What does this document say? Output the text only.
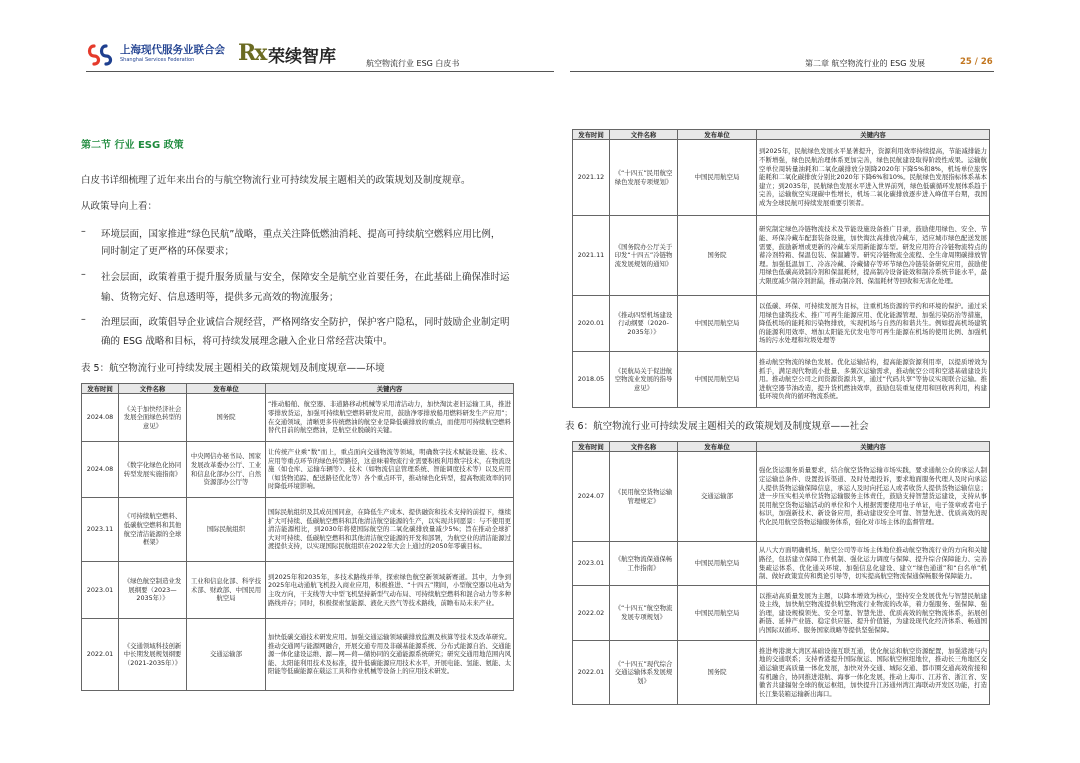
上海现代服务业联合会
Shanghai Services Federation Rx 荣续智库	航空物流行业 ESG 白皮书	第二章 航空物流行业的 ESG 发展	25 / 26
第二节 行业 ESG 政策
白皮书详细梳理了近年来出台的与航空物流行业可持续发展主题相关的政策规划及制度规章。
从政策导向上看：
– 环境层面，国家推进“绿色民航”战略，重点关注降低燃油消耗、提高可持续航空燃料应用比例，
同时制定了更严格的环保要求；
– 社会层面，政策着重于提升服务质量与安全，保障安全是航空业首要任务，在此基础上确保准时运
输、货物完好、信息透明等，提供多元高效的物流服务；
– 治理层面，政策倡导企业诚信合规经营，严格网络安全防护，保护客户隐私，同时鼓励企业制定明
确的 ESG 战略和目标，将可持续发展理念融入企业日常经营决策中。
表 5：航空物流行业可持续发展主题相关的政策规划及制度规章——环境
发布时间	文件名称	发布单位	关键内容
2024.08	《关于加快经济社会发展全面绿色转型的意见》	国务院	“推动船舶、航空器、非道路移动机械等采用清洁动力，加快淘汰老旧运输工具，推进零排放货运，加强可持续航空燃料研发应用，鼓励净零排放船用燃料研发生产应用”；在交通领域，清晰更多传统燃油的航空业是降低碳排放的重点，而使用可持续航空燃料替代目前的航空燃油，是航空业脱碳的关键。
2024.08	《数字化绿色化协同转型发展实施指南》	中央网信办秘书局、国家发展改革委办公厅、工业和信息化部办公厅、自然资源部办公厅等	让传统产业乘“数”而上，重点面向交通物流等领域，明确数字技术赋能设施、技术、应用等重点环节的绿色转型路径，这意味着物流行业需要积极利用数字技术，在物流设施（如仓库、运输车辆等）、技术（如物流信息管理系统、智能调度技术等）以及应用（如货物追踪、配送路径优化等）各个重点环节，推动绿色化转型，提高物流效率的同时降低环境影响。
2023.11	《可持续航空燃料、低碳航空燃料和其他航空清洁能源的全球框架》	国际民航组织	国际民航组织及其成员国同意，在降低生产成本、提供融资和技术支持的前提下，继续扩大可持续、低碳航空燃料和其他清洁航空能源的生产，以实现共同愿景：与不使用更清洁能源相比，到2030年将使国际航空的二氧化碳排放量减少5%；旨在推动全球扩大对可持续、低碳航空燃料和其他清洁航空能源的开发和部署，为航空业的清洁能源过渡提供支持，以实现国际民航组织在2022年大会上通过的2050年零碳目标。
2023.01	《绿色航空制造业发展纲要（2023—2035年）》	工业和信息化部、科学技术部、财政部、中国民用航空局	到2025年和2035年，多技术路线并举，探索绿色航空新领域新赛道。其中，力争到2025年电动通航飞机投入商业应用，积极推进、“十四五”期间，小型航空器以电动为主攻方向，干支线等大中型飞机坚持新型气动布局、可持续航空燃料和混合动力等多种路线并存；同时，积极探索氢能源、液化天然气等技术路线，前瞻布局未来产业。
2022.01	《交通领域科技创新中长期发展规划纲要（2021-2035年）》	交通运输部	加快低碳交通技术研发应用。加强交通运输领域碳排放监测及核算等技术及改革研究。推动交通网与能源网融合，开展交通专用及非碳基能源系统、分布式能源自治、交通能源一体化建设运维、源—网—荷—储协同的交通能源系统研究；研究交通用地范围内风能、太阳能利用技术及标准，提升低碳能源应用技术水平，开展电能、氢能、氨能、太阳能等低碳能源在载运工具和作业机械等设备上的应用技术研发。
发布时间	文件名称	发布单位	关键内容
2021.12	《“十四五”民用航空绿色发展专项规划》	中国民用航空局	到2025年，民航绿色发展水平显著提升，资源利用效率持续提高，节能减排能力不断增强，绿色民航治理体系更加完善，绿色民航建设取得阶段性成果。运输航空单位周转量油耗和二氧化碳排放分别降2020年下降5%和8%，机场单位旅客能耗和二氧化碳排放分别比2020年下降6%和10%。民航绿色发展指标体系基本建立；到2035年，民航绿色发展水平进入世界前列，绿色低碳循环发展体系趋于完善，运输航空实现碳中性增长，机场二氧化碳排放逐步进入峰值平台期，我国成为全球民航可持续发展重要引领者。
2021.11	《国务院办公厅关于印发“十四五”冷链物流发展规划的通知》	国务院	研究制定绿色冷链物流技术及节能设施设备推广目录，鼓励使用绿色、安全、节能、环保冷藏车配套装备设施，加快淘汰高排放冷藏车，适应城市绿色配送发展需要，鼓励新增或更新的冷藏车采用新能源车型。研发应用符合冷链物流特点的蓄冷剂特箱、保温包装、保温罐等。研究冷链物流全流程、全生命周期碳排放管理。加强低温加工、冷冻冷藏、冷藏储存等环节绿色冷链装备研究应用，鼓励使用绿色低碳高效制冷剂和保温耗材，提高制冷设备能效和制冷系统节能水平，最大限度减少制冷剂泄漏，推动制冷剂、保温耗材等回收和无害化处理。
2020.01	《推动四型机场建设行动纲要（2020-2035年）》	中国民用航空局	以低碳、环保、可持续发展为目标，注重机场资源的节约和环境的保护。通过采用绿色建筑技术、推广可再生能源应用、优化能源管理、加强污染防治等措施，降低机场的能耗和污染物排放，实现机场与自然的和谐共生。例如提高机场建筑的能源利用效率、增加太阳能光伏发电等可再生能源在机场的使用比例、加强机场的污水处理和垃圾处理等
2018.05	《民航局关于促进航空物流业发展的指导意见》	中国民用航空局	推动航空物流的绿色发展。优化运输结构，提高能源资源利用率，以提质增效为抓手，满足现代物流小批量、多频次运输需求，推动航空公司和空港基础建设共用。推动航空公司之间资源资源共享，通过“代码共享”等协议实现联合运输。推进航空器节油改造，提升货机燃油效率，鼓励包装重复使用和回收再利用，构建低环境负荷的循环物流系统。
表 6：航空物流行业可持续发展主题相关的政策规划及制度规章——社会
发布时间	文件名称	发布单位	关键内容
2024.07	《民用航空货物运输管理规定》	交通运输部	强化货运服务质量要求，结合航空货物运输市场实践，要求通航公众的承运人制定运输总条件、设置投诉渠道、及时处理投诉，要求地面服务代理人及时向承运人提供货物运输保障信息，承运人及时向托运人或者收货人提供货物运输信息；进一步压实相关单位货物运输服务主体责任，鼓励支持智慧货运建设，支持从事民用航空货物运输活动的单位和个人根据需要使用电子单证，电子签章或者电子标识，加强新技术、新设备应用，推动建设安全可靠、智慧先进、优质高效的现代化民用航空货物运输服务体系，强化对市场主体的监督管理。
2023.01	《航空物流保通保畅工作指南》	中国民用航空局	从八大方面明确机场、航空公司等市场主体地位推动航空物流行业的方向和关键路径，包括建立保障工作机制、强化运力调度与保障、提升综合保障能力、完善集疏运体系、优化通关环境、加强信息化建设、建立“绿色通道”和“白名单”机制、做好政策宣传和舆论引导等，切实提高航空物流保通保畅服务保障能力。
2022.02	《“十四五”航空物流发展专项规划》	中国民用航空局	以推动高质量发展为主题，以降本增效为核心，坚持安全发展优先与智慧民航建设主线，加快航空物流提供航空物流行业物流的改革，着力强服务、强保障、强治理，建设规模领先、安全可靠、智慧先进、优质高效的航空物流体系，拓展创新链、延伸产业链、稳定供应链、提升价值链，为建设现代化经济体系、畅通国内国际双循环、服务国家战略等提供坚强保障。
2022.01	《“十四五”现代综合交通运输体系发展规划》	国务院	推进粤港澳大湾区基础设施互联互通，优化航运和航空资源配置，加强港澳与内地的交通联系；支持香港提升国际航运、国际航空枢纽地位，推动长三角地区交通运输更高质量一体化发展，加快对外交通、城际交通、都市圈交通高效衔接和有机融合，协同推进港航、海事一体化发展，推动上海市、江苏省、浙江省、安徽省共建辐射全球的航运枢纽，加快提升江苏通州湾江海联动开发区功能，打造长江集装箱运输新出海口。
